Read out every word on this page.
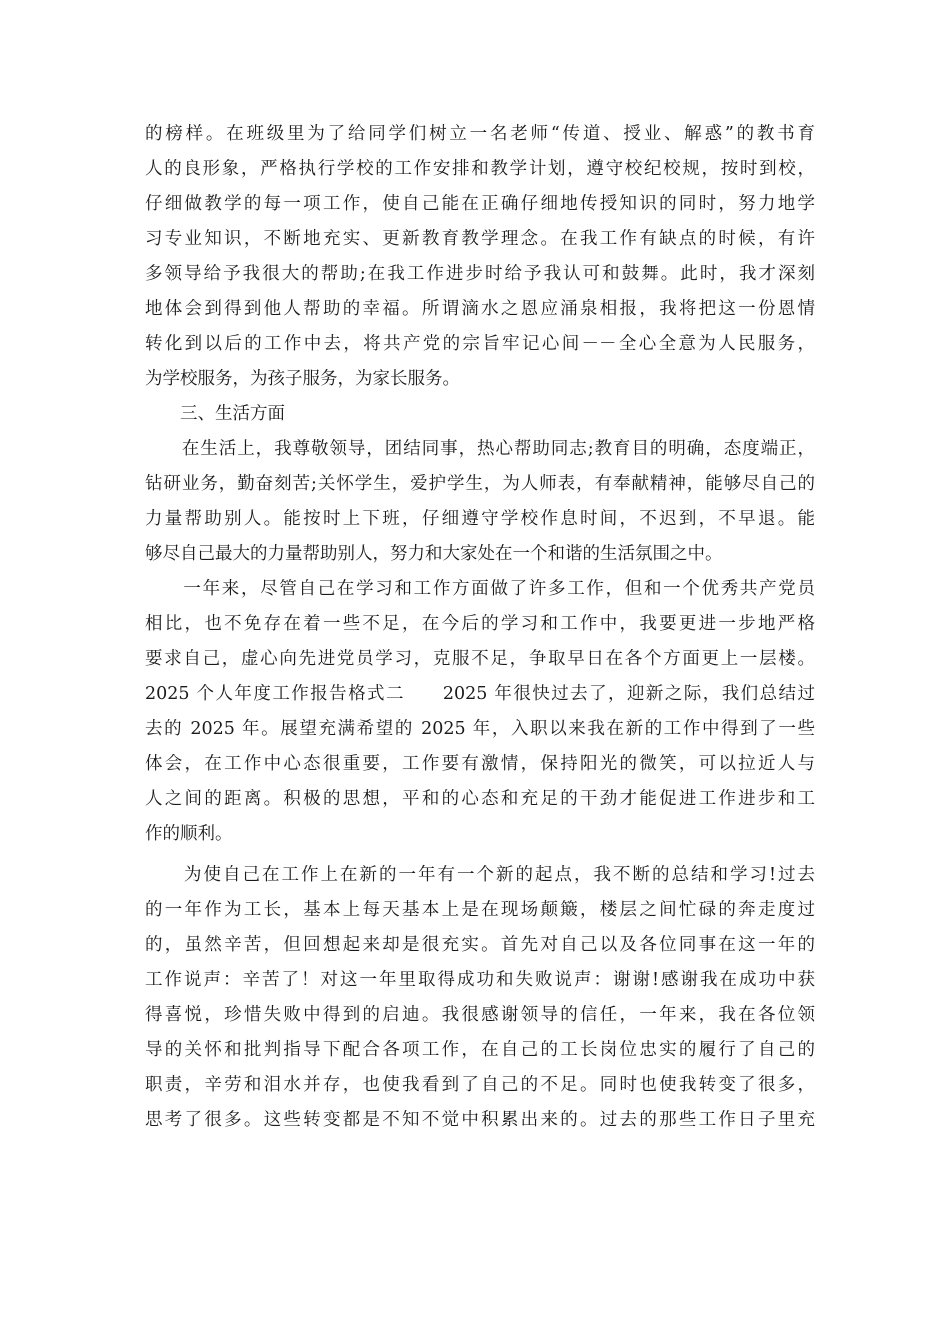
的榜样。在班级里为了给同学们树立一名老师“传道、授业、解惑”的教书育
人的良形象，严格执行学校的工作安排和教学计划，遵守校纪校规，按时到校，
仔细做教学的每一项工作，使自己能在正确仔细地传授知识的同时，努力地学
习专业知识，不断地充实、更新教育教学理念。在我工作有缺点的时候，有许
多领导给予我很大的帮助;在我工作进步时给予我认可和鼓舞。此时，我才深刻
地体会到得到他人帮助的幸福。所谓滴水之恩应涌泉相报，我将把这一份恩情
转化到以后的工作中去，将共产党的宗旨牢记心间－－全心全意为人民服务，
为学校服务，为孩子服务，为家长服务。
　　三、生活方面
　　在生活上，我尊敬领导，团结同事，热心帮助同志;教育目的明确，态度端正，
钻研业务，勤奋刻苦;关怀学生，爱护学生，为人师表，有奉献精神，能够尽自己的
力量帮助别人。能按时上下班，仔细遵守学校作息时间，不迟到，不早退。能
够尽自己最大的力量帮助别人，努力和大家处在一个和谐的生活氛围之中。
　　一年来，尽管自己在学习和工作方面做了许多工作，但和一个优秀共产党员
相比，也不免存在着一些不足，在今后的学习和工作中，我要更进一步地严格
要求自己，虚心向先进党员学习，克服不足，争取早日在各个方面更上一层楼。
2025 个人年度工作报告格式二　　2025 年很快过去了，迎新之际，我们总结过
去的 2025 年。展望充满希望的 2025 年，入职以来我在新的工作中得到了一些
体会，在工作中心态很重要，工作要有激情，保持阳光的微笑，可以拉近人与
人之间的距离。积极的思想，平和的心态和充足的干劲才能促进工作进步和工
作的顺利。
　　为使自己在工作上在新的一年有一个新的起点，我不断的总结和学习!过去
的一年作为工长，基本上每天基本上是在现场颠簸，楼层之间忙碌的奔走度过
的，虽然辛苦，但回想起来却是很充实。首先对自己以及各位同事在这一年的
工作说声：辛苦了！对这一年里取得成功和失败说声：谢谢!感谢我在成功中获
得喜悦，珍惜失败中得到的启迪。我很感谢领导的信任，一年来，我在各位领
导的关怀和批判指导下配合各项工作，在自己的工长岗位忠实的履行了自己的
职责，辛劳和泪水并存，也使我看到了自己的不足。同时也使我转变了很多，
思考了很多。这些转变都是不知不觉中积累出来的。过去的那些工作日子里充
